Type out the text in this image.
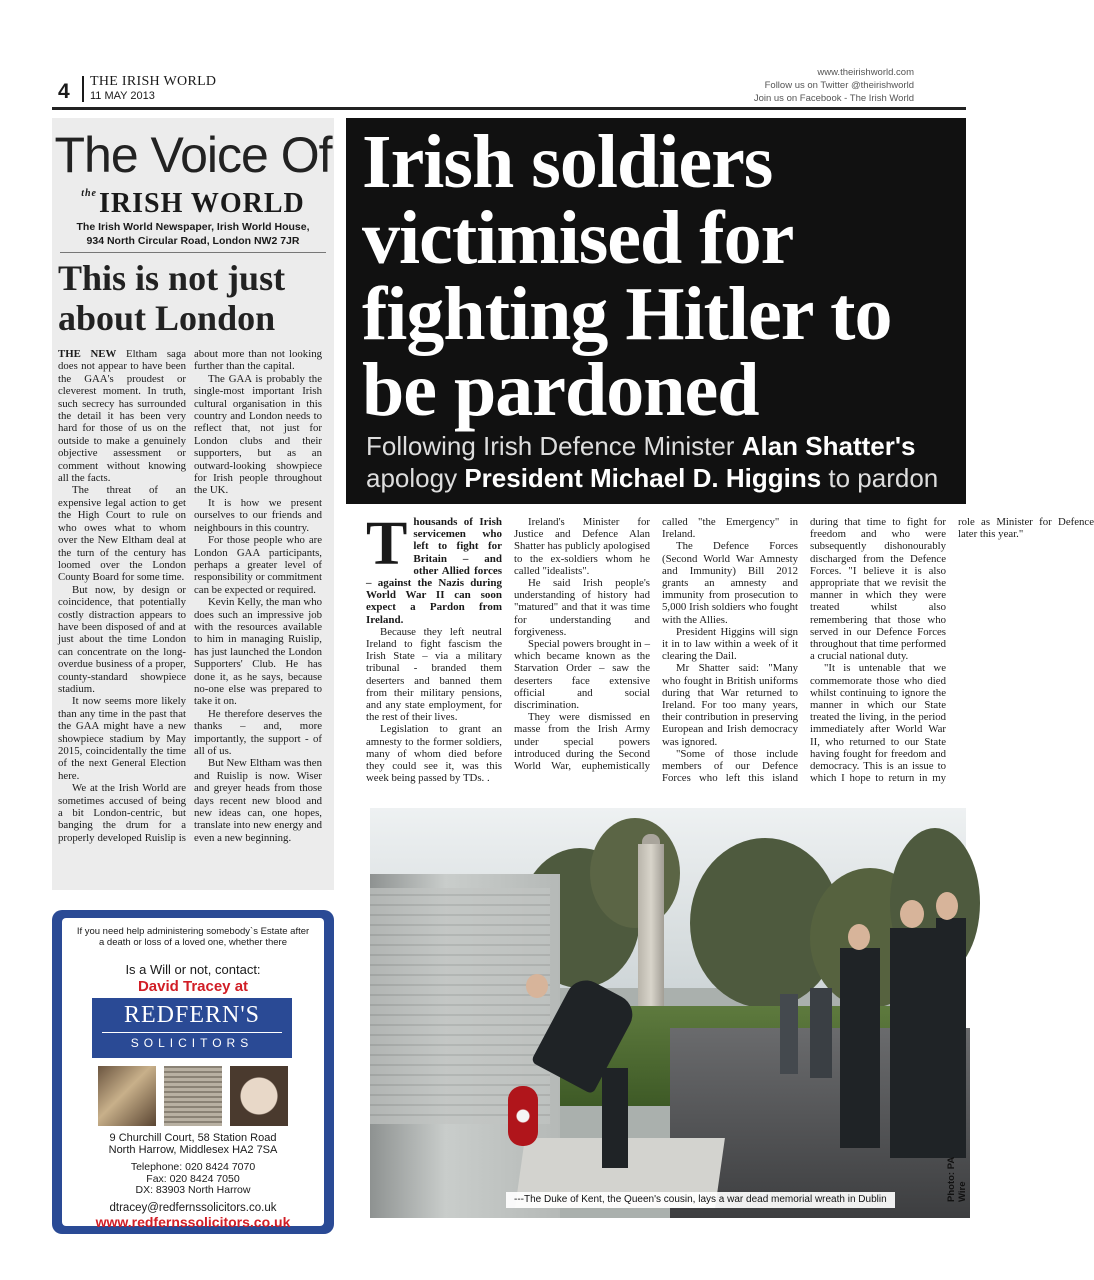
4 THE IRISH WORLD
11 MAY 2013
www.theirishworld.com
Follow us on Twitter @theirishworld
Join us on Facebook - The Irish World
The Voice Of
$^{the}$IRISH WORLD
The Irish World Newspaper, Irish World House,
934 North Circular Road, London NW2 7JR
This is not just about London

THE NEW Eltham saga does not appear to have been the GAA's proudest or cleverest moment. In truth, such secrecy has surrounded the detail it has been very hard for those of us on the outside to make a genuinely objective assessment or comment without knowing all the facts.

The threat of an expensive legal action to get the High Court to rule on who owes what to whom over the New Eltham deal at the turn of the century has loomed over the London County Board for some time.

But now, by design or coincidence, that potentially costly distraction appears to have been disposed of and at just about the time London can concentrate on the long-overdue business of a proper, county-standard showpiece stadium.

It now seems more likely than any time in the past that the GAA might have a new showpiece stadium by May 2015, coincidentally the time of the next General Election here.

We at the Irish World are sometimes accused of being a bit London-centric, but banging the drum for a properly developed Ruislip is about more than not looking further than the capital.

The GAA is probably the single-most important Irish cultural organisation in this country and London needs to reflect that, not just for London clubs and their supporters, but as an outward-looking showpiece for Irish people throughout the UK.

It is how we present ourselves to our friends and neighbours in this country.

For those people who are London GAA participants, perhaps a greater level of responsibility or commitment can be expected or required.

Kevin Kelly, the man who does such an impressive job with the resources available to him in managing Ruislip, has just launched the London Supporters' Club. He has done it, as he says, because no-one else was prepared to take it on.

He therefore deserves the thanks – and, more importantly, the support - of all of us.

But New Eltham was then and Ruislip is now. Wiser and greyer heads from those days recent new blood and new ideas can, one hopes, translate into new energy and even a new beginning.

If you need help administering somebody`s Estate after a death or loss of a loved one, whether there
Is a Will or not, contact:
David Tracey at
REDFERN'S
SOLICITORS
9 Churchill Court, 58 Station Road
North Harrow, Middlesex HA2 7SA
Telephone: 020 8424 7070
Fax: 020 8424 7050
DX: 83903 North Harrow
dtracey@redfernssolicitors.co.uk
www.redfernssolicitors.co.uk
Irish soldiers victimised for fighting Hitler to be pardoned
Following Irish Defence Minister Alan Shatter's apology President Michael D. Higgins to pardon

Thousands of Irish servicemen who left to fight for Britain – and other Allied forces – against the Nazis during World War II can soon expect a Pardon from Ireland.

Because they left neutral Ireland to fight fascism the Irish State – via a military tribunal - branded them deserters and banned them from their military pensions, and any state employment, for the rest of their lives.

Legislation to grant an amnesty to the former soldiers, many of whom died before they could see it, was this week being passed by TDs. .

Ireland's Minister for Justice and Defence Alan Shatter has publicly apologised to the ex-soldiers whom he called "idealists".

He said Irish people's understanding of history had "matured" and that it was time for understanding and forgiveness.

Special powers brought in – which became known as the Starvation Order – saw the deserters face extensive official and social discrimination.

They were dismissed en masse from the Irish Army under special powers introduced during the Second World War, euphemistically called "the Emergency" in Ireland.

The Defence Forces (Second World War Amnesty and Immunity) Bill 2012 grants an amnesty and immunity from prosecution to 5,000 Irish soldiers who fought with the Allies.

President Higgins will sign it in to law within a week of it clearing the Dail.

Mr Shatter said: "Many who fought in British uniforms during that War returned to Ireland. For too many years, their contribution in preserving European and Irish democracy was ignored.

"Some of those include members of our Defence Forces who left this island during that time to fight for freedom and who were subsequently dishonourably discharged from the Defence Forces. "I believe it is also appropriate that we revisit the manner in which they were treated whilst also remembering that those who served in our Defence Forces throughout that time performed a crucial national duty.

"It is untenable that we commemorate those who died whilst continuing to ignore the manner in which our State treated the living, in the period immediately after World War II, who returned to our State having fought for freedom and democracy. This is an issue to which I hope to return in my role as Minister for Defence later this year."

---The Duke of Kent, the Queen's cousin, lays a war dead memorial wreath in Dublin	Photo: PA Wire
